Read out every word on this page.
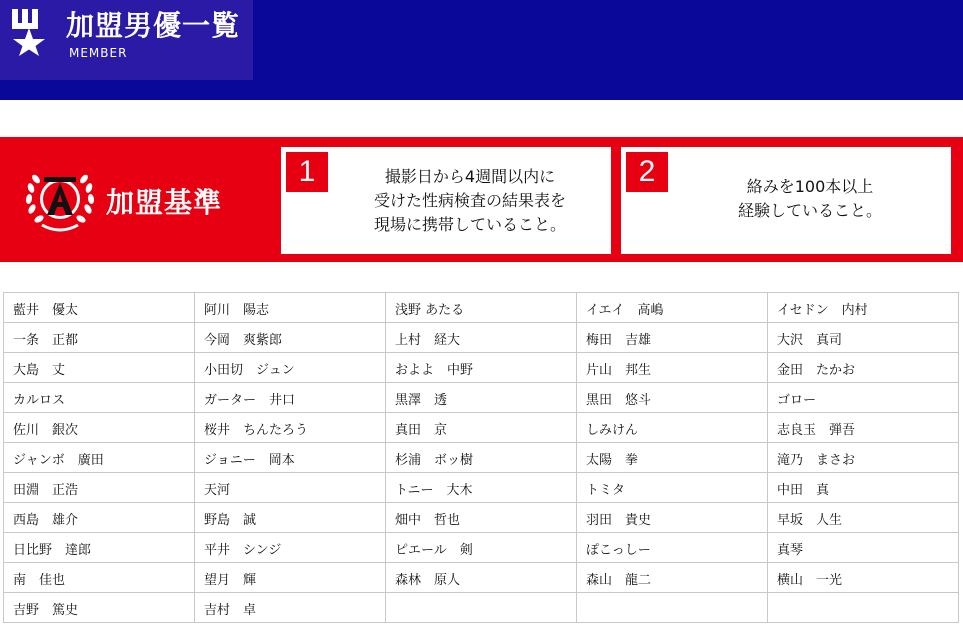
加盟男優一覧
MEMBER
加盟基準
1	撮影日から4週間以内に
受けた性病検査の結果表を
現場に携帯していること。
2	絡みを100本以上
経験していること。
藍井　優太	阿川　陽志	浅野 あたる	イエイ　高嶋	イセドン　内村
一条　正都	今岡　爽紫郎	上村　経大	梅田　吉雄	大沢　真司
大島　丈	小田切　ジュン	およよ　中野	片山　邦生	金田　たかお
カルロス	ガーター　井口	黒澤　透	黒田　悠斗	ゴロー
佐川　銀次	桜井　ちんたろう	真田　京	しみけん	志良玉　弾吾
ジャンボ　廣田	ジョニー　岡本	杉浦　ボッ樹	太陽　拳	滝乃　まさお
田淵　正浩	天河	トニー　大木	トミタ	中田　真
西島　雄介	野島　誠	畑中　哲也	羽田　貴史	早坂　人生
日比野　達郎	平井　シンジ	ピエール　剣	ぽこっしー	真琴
南　佳也	望月　輝	森林　原人	森山　龍二	横山　一光
吉野　篤史	吉村　卓			
